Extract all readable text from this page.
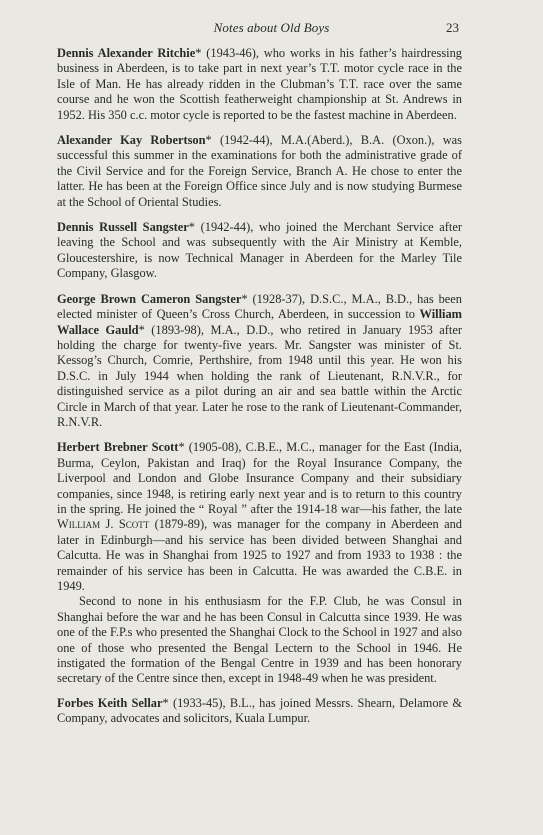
Notes about Old Boys	23

Dennis Alexander Ritchie* (1943-46), who works in his father’s hairdressing business in Aberdeen, is to take part in next year’s T.T. motor cycle race in the Isle of Man. He has already ridden in the Clubman’s T.T. race over the same course and he won the Scottish featherweight championship at St. Andrews in 1952. His 350 c.c. motor cycle is reported to be the fastest machine in Aberdeen.

Alexander Kay Robertson* (1942-44), M.A.(Aberd.), B.A. (Oxon.), was successful this summer in the examinations for both the administrative grade of the Civil Service and for the Foreign Service, Branch A. He chose to enter the latter. He has been at the Foreign Office since July and is now studying Burmese at the School of Oriental Studies.

Dennis Russell Sangster* (1942-44), who joined the Merchant Service after leaving the School and was subsequently with the Air Ministry at Kemble, Gloucestershire, is now Technical Manager in Aberdeen for the Marley Tile Company, Glasgow.

George Brown Cameron Sangster* (1928-37), D.S.C., M.A., B.D., has been elected minister of Queen’s Cross Church, Aberdeen, in succession to William Wallace Gauld* (1893-98), M.A., D.D., who retired in January 1953 after holding the charge for twenty-five years. Mr. Sangster was minister of St. Kessog’s Church, Comrie, Perthshire, from 1948 until this year. He won his D.S.C. in July 1944 when holding the rank of Lieutenant, R.N.V.R., for distinguished service as a pilot during an air and sea battle within the Arctic Circle in March of that year. Later he rose to the rank of Lieutenant-Commander, R.N.V.R.

Herbert Brebner Scott* (1905-08), C.B.E., M.C., manager for the East (India, Burma, Ceylon, Pakistan and Iraq) for the Royal Insurance Company, the Liverpool and London and Globe Insurance Company and their subsidiary companies, since 1948, is retiring early next year and is to return to this country in the spring. He joined the “ Royal ” after the 1914-18 war—his father, the late William J. Scott (1879-89), was manager for the company in Aberdeen and later in Edinburgh—and his service has been divided between Shanghai and Calcutta. He was in Shanghai from 1925 to 1927 and from 1933 to 1938 : the remainder of his service has been in Calcutta. He was awarded the C.B.E. in 1949.

Second to none in his enthusiasm for the F.P. Club, he was Consul in Shanghai before the war and he has been Consul in Calcutta since 1939. He was one of the F.P.s who presented the Shanghai Clock to the School in 1927 and also one of those who presented the Bengal Lectern to the School in 1946. He instigated the formation of the Bengal Centre in 1939 and has been honorary secretary of the Centre since then, except in 1948-49 when he was president.

Forbes Keith Sellar* (1933-45), B.L., has joined Messrs. Shearn, Delamore & Company, advocates and solicitors, Kuala Lumpur.
